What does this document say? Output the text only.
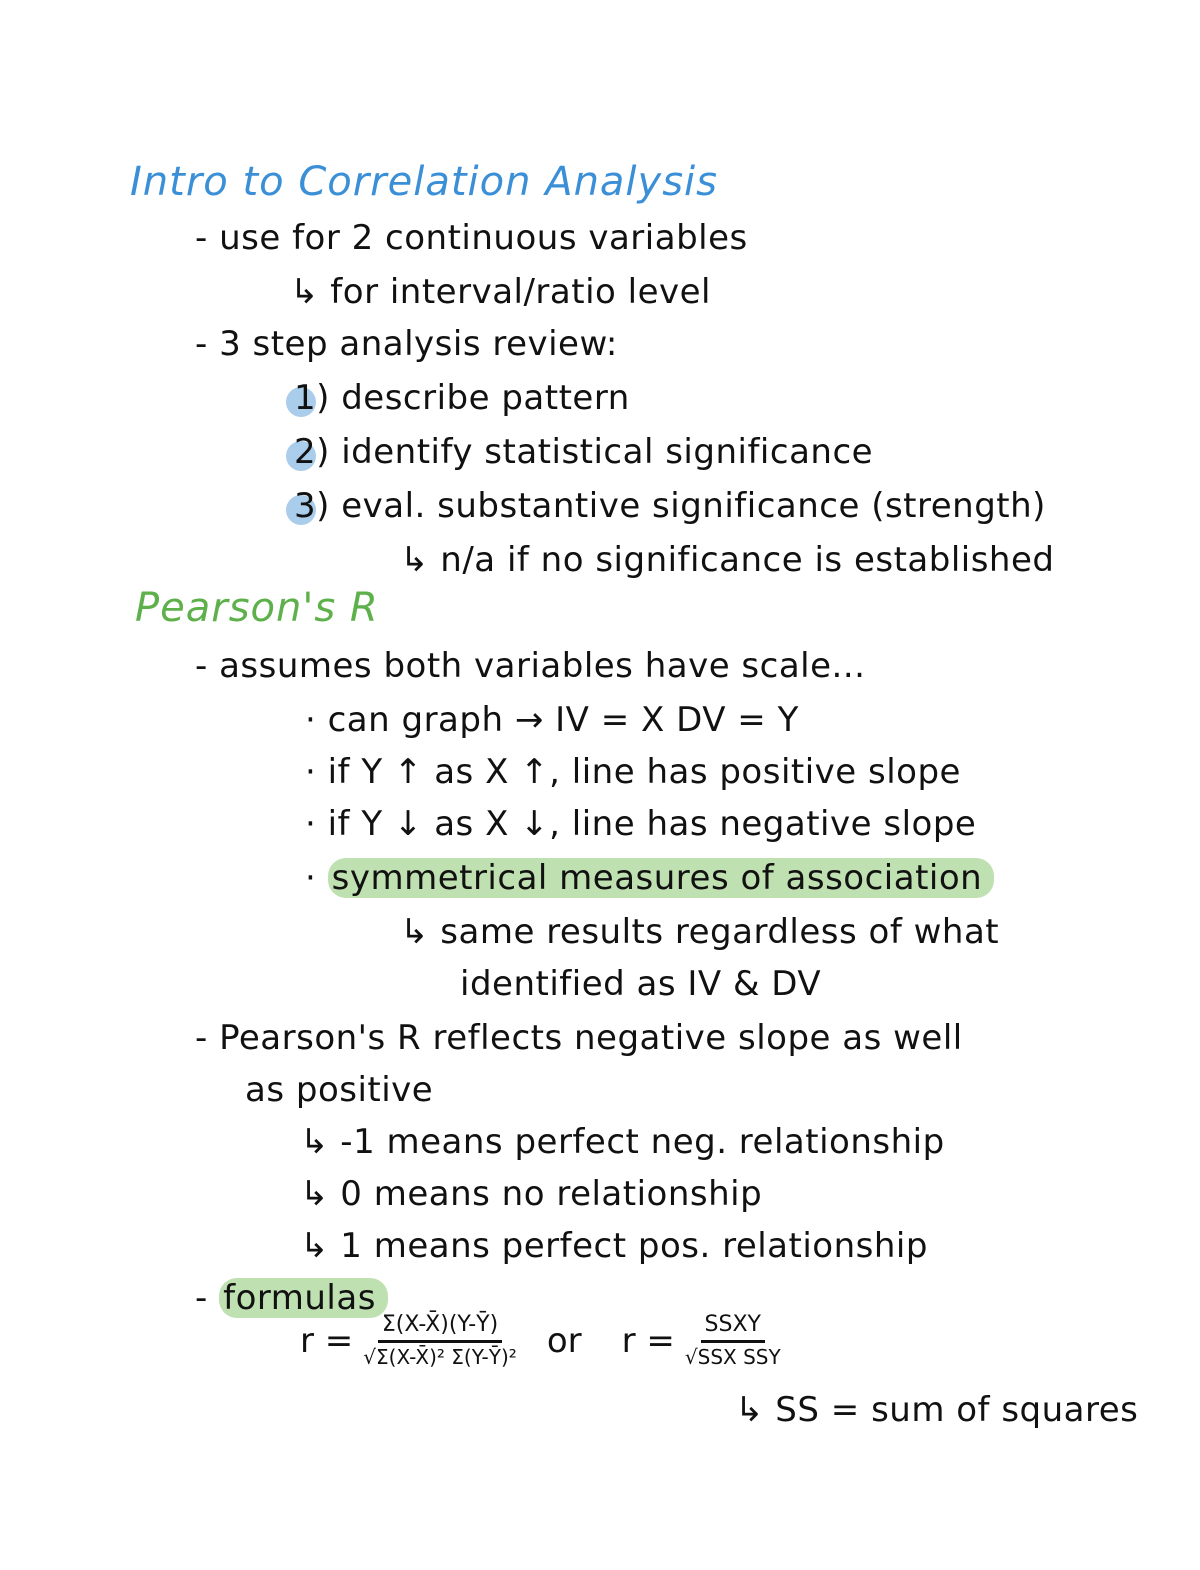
Intro to Correlation Analysis
- use for 2 continuous variables
↳ for interval/ratio level
- 3 step analysis review:
1) describe pattern
2) identify statistical significance
3) eval. substantive significance (strength)
↳ n/a if no significance is established
Pearson's R
- assumes both variables have scale...
· can graph → IV = X DV = Y
· if Y ↑ as X ↑, line has positive slope
· if Y ↓ as X ↓, line has negative slope
· symmetrical measures of association
↳ same results regardless of what
identified as IV & DV
- Pearson's R reflects negative slope as well
as positive
↳ -1 means perfect neg. relationship
↳ 0 means no relationship
↳ 1 means perfect pos. relationship
- formulas
$r = \frac{\Sigma(X-X̄)(Y-Ȳ)}{\text{√Σ(X-X̄)² Σ(Y-Ȳ)²}}$ or $r = \frac{\text{SSXY}}{\text{√SSX SSY}}$
↳ SS = sum of squares
